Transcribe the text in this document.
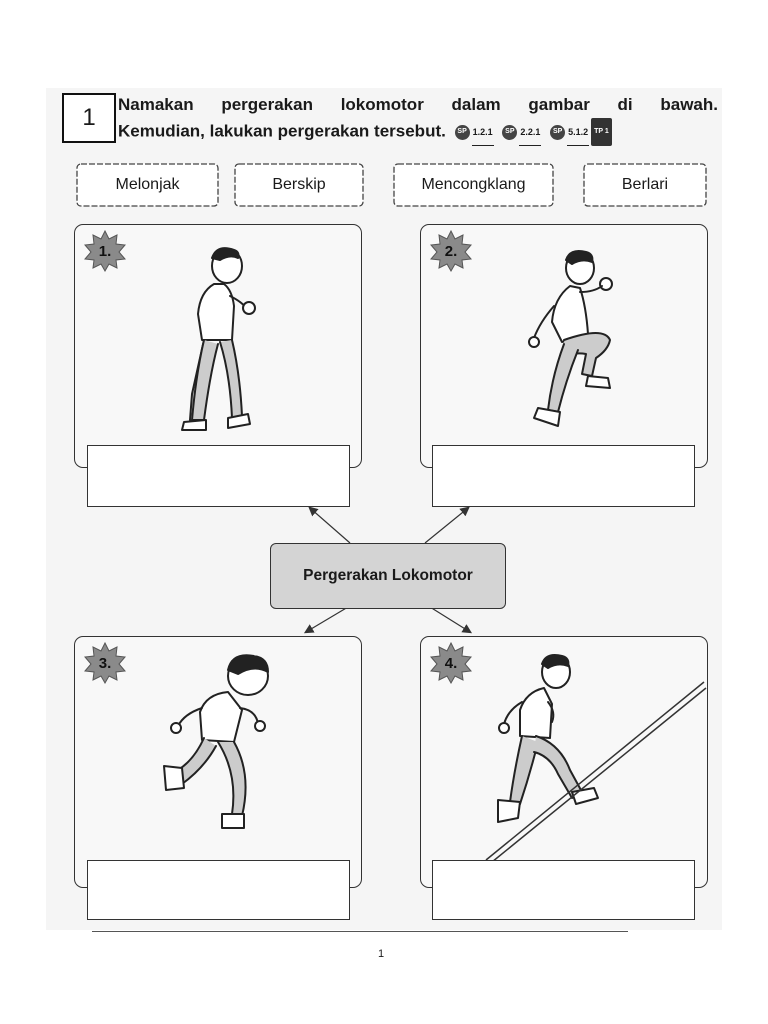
1	Namakan pergerakan lokomotor dalam gambar di bawah.
Kemudian, lakukan pergerakan tersebut.	SP 1.2.1
	SP 2.2.1
	SP 5.1.2 TP 1
Melonjak	Berskip	Mencongklang	Berlari
1.	2.
3.	4.
Pergerakan Lokomotor
1
